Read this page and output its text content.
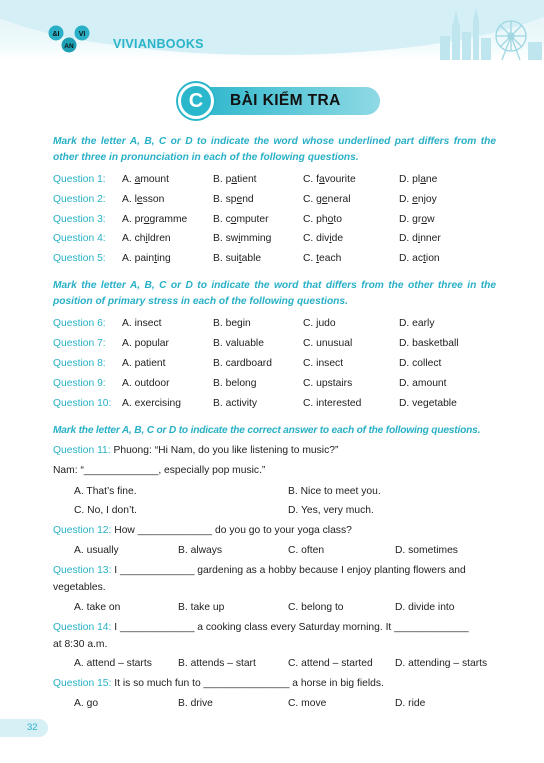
&I	VI
AN	VIVIANBOOKS
C	BÀI KIỂM TRA
Mark the letter A, B, C or D to indicate the word whose underlined part differs from the other three in pronunciation in each of the following questions.
Question 1: A. amount	B. patient	C. favourite	D. plane
Question 2: A. lesson	B. spend	C. general	D. enjoy
Question 3: A. programme	B. computer	C. photo	D. grow
Question 4: A. children	B. swimming	C. divide	D. dinner
Question 5: A. painting	B. suitable	C. teach	D. action
Mark the letter A, B, C or D to indicate the word that differs from the other three in the position of primary stress in each of the following questions.
Question 6: A. insect	B. begin	C. judo	D. early
Question 7: A. popular	B. valuable	C. unusual	D. basketball
Question 8: A. patient	B. cardboard	C. insect	D. collect
Question 9: A. outdoor	B. belong	C. upstairs	D. amount
Question 10: A. exercising	B. activity	C. interested	D. vegetable
Mark the letter A, B, C or D to indicate the correct answer to each of the following questions.
Question 11: Phuong: “Hi Nam, do you like listening to music?”
Nam: “_____________, especially pop music.”
A. That’s fine.	B. Nice to meet you.
C. No, I don’t.	D. Yes, very much.
Question 12: How _____________ do you go to your yoga class?
A. usually	B. always	C. often	D. sometimes
Question 13: I _____________ gardening as a hobby because I enjoy planting flowers and
vegetables.
A. take on	B. take up	C. belong to	D. divide into
Question 14: I _____________ a cooking class every Saturday morning. It _____________
at 8:30 a.m.
A. attend – starts	B. attends – start	C. attend – started D. attending – starts
Question 15: It is so much fun to _______________ a horse in big fields.
A. go	B. drive	C. move	D. ride
32
